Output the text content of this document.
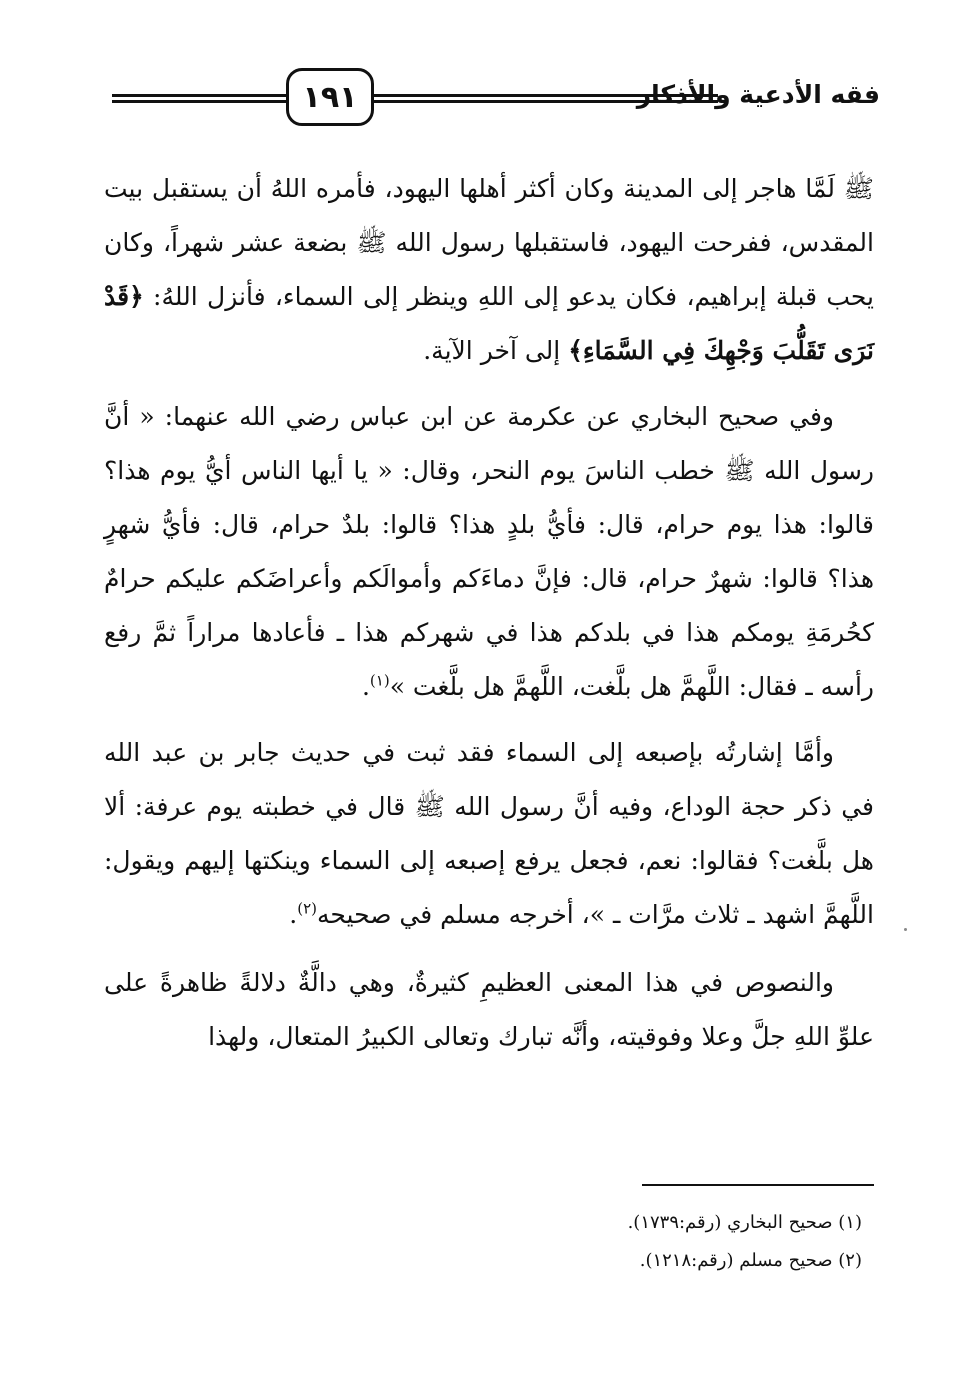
١٩١	فقه الأدعية والأذكار

ﷺ لَمَّا هاجر إلى المدينة وكان أكثر أهلها اليهود، فأمره اللهُ أن يستقبل بيت المقدس، ففرحت اليهود، فاستقبلها رسول الله ﷺ بضعة عشر شهراً، وكان يحب قبلة إبراهيم، فكان يدعو إلى اللهِ وينظر إلى السماء، فأنزل اللهُ: ﴿قَدْ نَرَى تَقَلُّبَ وَجْهِكَ فِي السَّمَاءِ﴾ إلى آخر الآية.

وفي صحيح البخاري عن عكرمة عن ابن عباس رضي الله عنهما: « أنَّ رسول الله ﷺ خطب الناسَ يوم النحر، وقال: « يا أيها الناس أيُّ يوم هذا؟ قالوا: هذا يوم حرام، قال: فأيُّ بلدٍ هذا؟ قالوا: بلدٌ حرام، قال: فأيُّ شهرٍ هذا؟ قالوا: شهرٌ حرام، قال: فإنَّ دماءَكم وأموالَكم وأعراضَكم عليكم حرامٌ كحُرمَةِ يومكم هذا في بلدكم هذا في شهركم هذا ـ فأعادها مراراً ثمَّ رفع رأسه ـ فقال: اللَّهمَّ هل بلَّغت، اللَّهمَّ هل بلَّغت »$^{(١)}$.

وأمَّا إشارتُه بإصبعه إلى السماء فقد ثبت في حديث جابر بن عبد الله في ذكر حجة الوداع، وفيه أنَّ رسول الله ﷺ قال في خطبته يوم عرفة: ألا هل بلَّغت؟ فقالوا: نعم، فجعل يرفع إصبعه إلى السماء وينكتها إليهم ويقول: اللَّهمَّ اشهد ـ ثلاث مرَّات ـ »، أخرجه مسلم في صحيحه$^{(٢)}$.

والنصوص في هذا المعنى العظيمِ كثيرةٌ، وهي دالَّةٌ دلالةً ظاهرةً على علوِّ اللهِ جلَّ وعلا وفوقيته، وأنَّه تبارك وتعالى الكبيرُ المتعال، ولهذا

(١) صحيح البخاري (رقم:١٧٣٩).

(٢) صحيح مسلم (رقم:١٢١٨).
